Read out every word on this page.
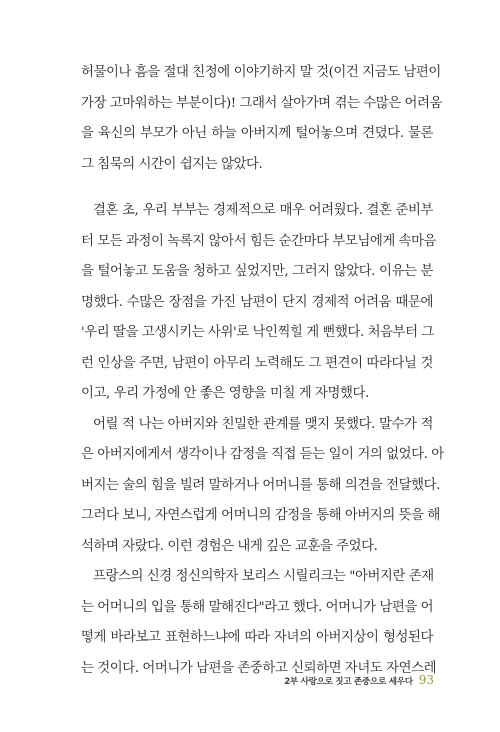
허물이나 흠을 절대 친정에 이야기하지 말 것(이건 지금도 남편이
가장 고마워하는 부분이다)! 그래서 살아가며 겪는 수많은 어려움
을 육신의 부모가 아닌 하늘 아버지께 털어놓으며 견뎠다. 물론
그 침묵의 시간이 쉽지는 않았다.
결혼 초, 우리 부부는 경제적으로 매우 어려웠다. 결혼 준비부
터 모든 과정이 녹록지 않아서 힘든 순간마다 부모님에게 속마음
을 털어놓고 도움을 청하고 싶었지만, 그러지 않았다. 이유는 분
명했다. 수많은 장점을 가진 남편이 단지 경제적 어려움 때문에
'우리 딸을 고생시키는 사위'로 낙인찍힐 게 뻔했다. 처음부터 그
런 인상을 주면, 남편이 아무리 노력해도 그 편견이 따라다닐 것
이고, 우리 가정에 안 좋은 영향을 미칠 게 자명했다.
어릴 적 나는 아버지와 친밀한 관계를 맺지 못했다. 말수가 적
은 아버지에게서 생각이나 감정을 직접 듣는 일이 거의 없었다. 아
버지는 술의 힘을 빌려 말하거나 어머니를 통해 의견을 전달했다.
그러다 보니, 자연스럽게 어머니의 감정을 통해 아버지의 뜻을 해
석하며 자랐다. 이런 경험은 내게 깊은 교훈을 주었다.
프랑스의 신경 정신의학자 보리스 시릴리크는 "아버지란 존재
는 어머니의 입을 통해 말해진다"라고 했다. 어머니가 남편을 어
떻게 바라보고 표현하느냐에 따라 자녀의 아버지상이 형성된다
는 것이다. 어머니가 남편을 존중하고 신뢰하면 자녀도 자연스레
2부 사랑으로 짓고 존중으로 세우다 93
